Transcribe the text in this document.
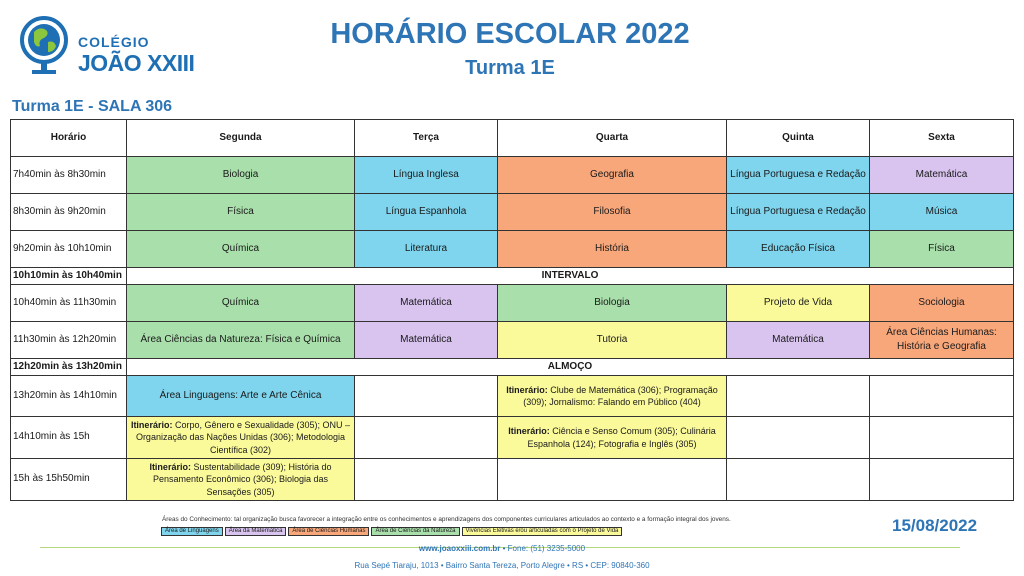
COLÉGIO
JOÃO XXIII
HORÁRIO ESCOLAR 2022
Turma 1E
Turma 1E - SALA 306
Horário	Segunda	Terça	Quarta	Quinta	Sexta
7h40min às 8h30min	Biologia	Língua Inglesa	Geografia	Língua Portuguesa e Redação	Matemática
8h30min às 9h20min	Física	Língua Espanhola	Filosofia	Língua Portuguesa e Redação	Música
9h20min às 10h10min	Química	Literatura	História	Educação Física	Física
10h10min às 10h40min	INTERVALO				
10h40min às 11h30min	Química	Matemática	Biologia	Projeto de Vida	Sociologia
11h30min às 12h20min	Área Ciências da Natureza: Física e Química	Matemática	Tutoria	Matemática	Área Ciências Humanas: História e Geografia
12h20min às 13h20min	ALMOÇO				
13h20min às 14h10min	Área Linguagens: Arte e Arte Cênica		Itinerário: Clube de Matemática (306); Programação (309); Jornalismo: Falando em Público (404)		
14h10min às 15h	Itinerário: Corpo, Gênero e Sexualidade (305); ONU – Organização das Nações Unidas (306); Metodologia Científica (302)		Itinerário: Ciência e Senso Comum (305); Culinária Espanhola (124); Fotografia e Inglês (305)		
15h às 15h50min	Itinerário: Sustentabilidade (309); História do Pensamento Econômico (306); Biologia das Sensações (305)				
Áreas do Conhecimento: tal organização busca favorecer a integração entre os conhecimentos e aprendizagens dos componentes curriculares articulados ao contexto e a formação integral dos jovens.
Área de Linguagens	Área da Matemática	Área de Ciências Humanas	Área de Ciências da Natureza	Vivências Eletivas e/ou articuladas com o Projeto de Vida	15/08/2022
www.joaoxxiii.com.br • Fone: (51) 3235-5000
Rua Sepé Tiaraju, 1013 • Bairro Santa Tereza, Porto Alegre • RS • CEP: 90840-360
